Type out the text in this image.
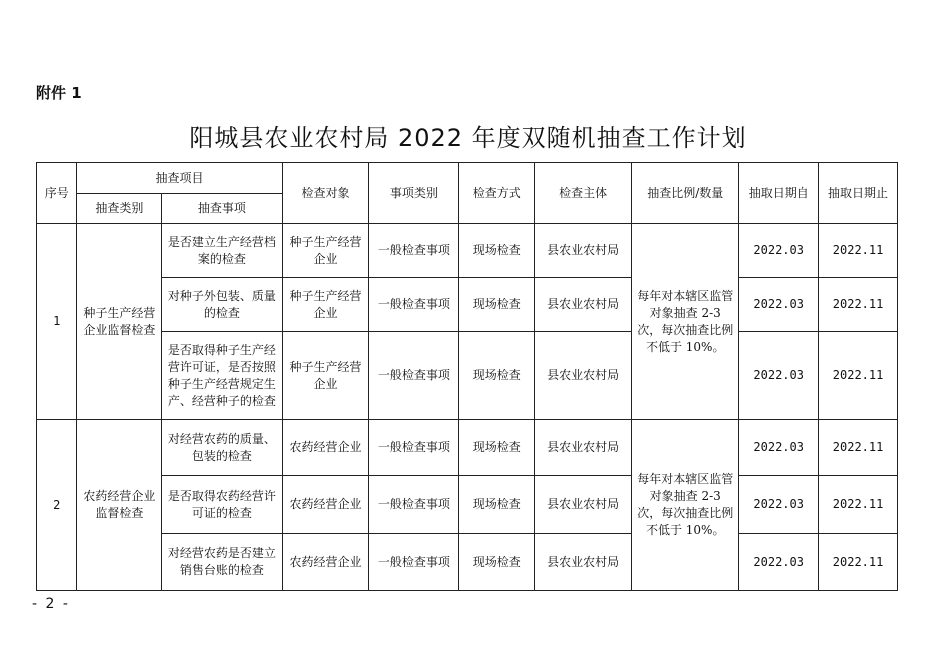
附件 1
阳城县农业农村局 2022 年度双随机抽查工作计划
序号	抽查项目		检查对象	事项类别	检查方式	检查主体	抽查比例/数量	抽取日期自	抽取日期止
	抽查类别	抽查事项							
1	种子生产经营企业监督检查	是否建立生产经营档案的检查	种子生产经营企业	一般检查事项	现场检查	县农业农村局	每年对本辖区监管对象抽查 2-3 次，每次抽查比例不低于 10%。	2022.03	2022.11
		对种子外包装、质量的检查	种子生产经营企业	一般检查事项	现场检查	县农业农村局		2022.03	2022.11
		是否取得种子生产经营许可证，是否按照种子生产经营规定生产、经营种子的检查	种子生产经营企业	一般检查事项	现场检查	县农业农村局		2022.03	2022.11
2	农药经营企业监督检查	对经营农药的质量、包装的检查	农药经营企业	一般检查事项	现场检查	县农业农村局	每年对本辖区监管对象抽查 2-3 次，每次抽查比例不低于 10%。	2022.03	2022.11
		是否取得农药经营许可证的检查	农药经营企业	一般检查事项	现场检查	县农业农村局		2022.03	2022.11
		对经营农药是否建立销售台账的检查	农药经营企业	一般检查事项	现场检查	县农业农村局		2022.03	2022.11
- 2 -
